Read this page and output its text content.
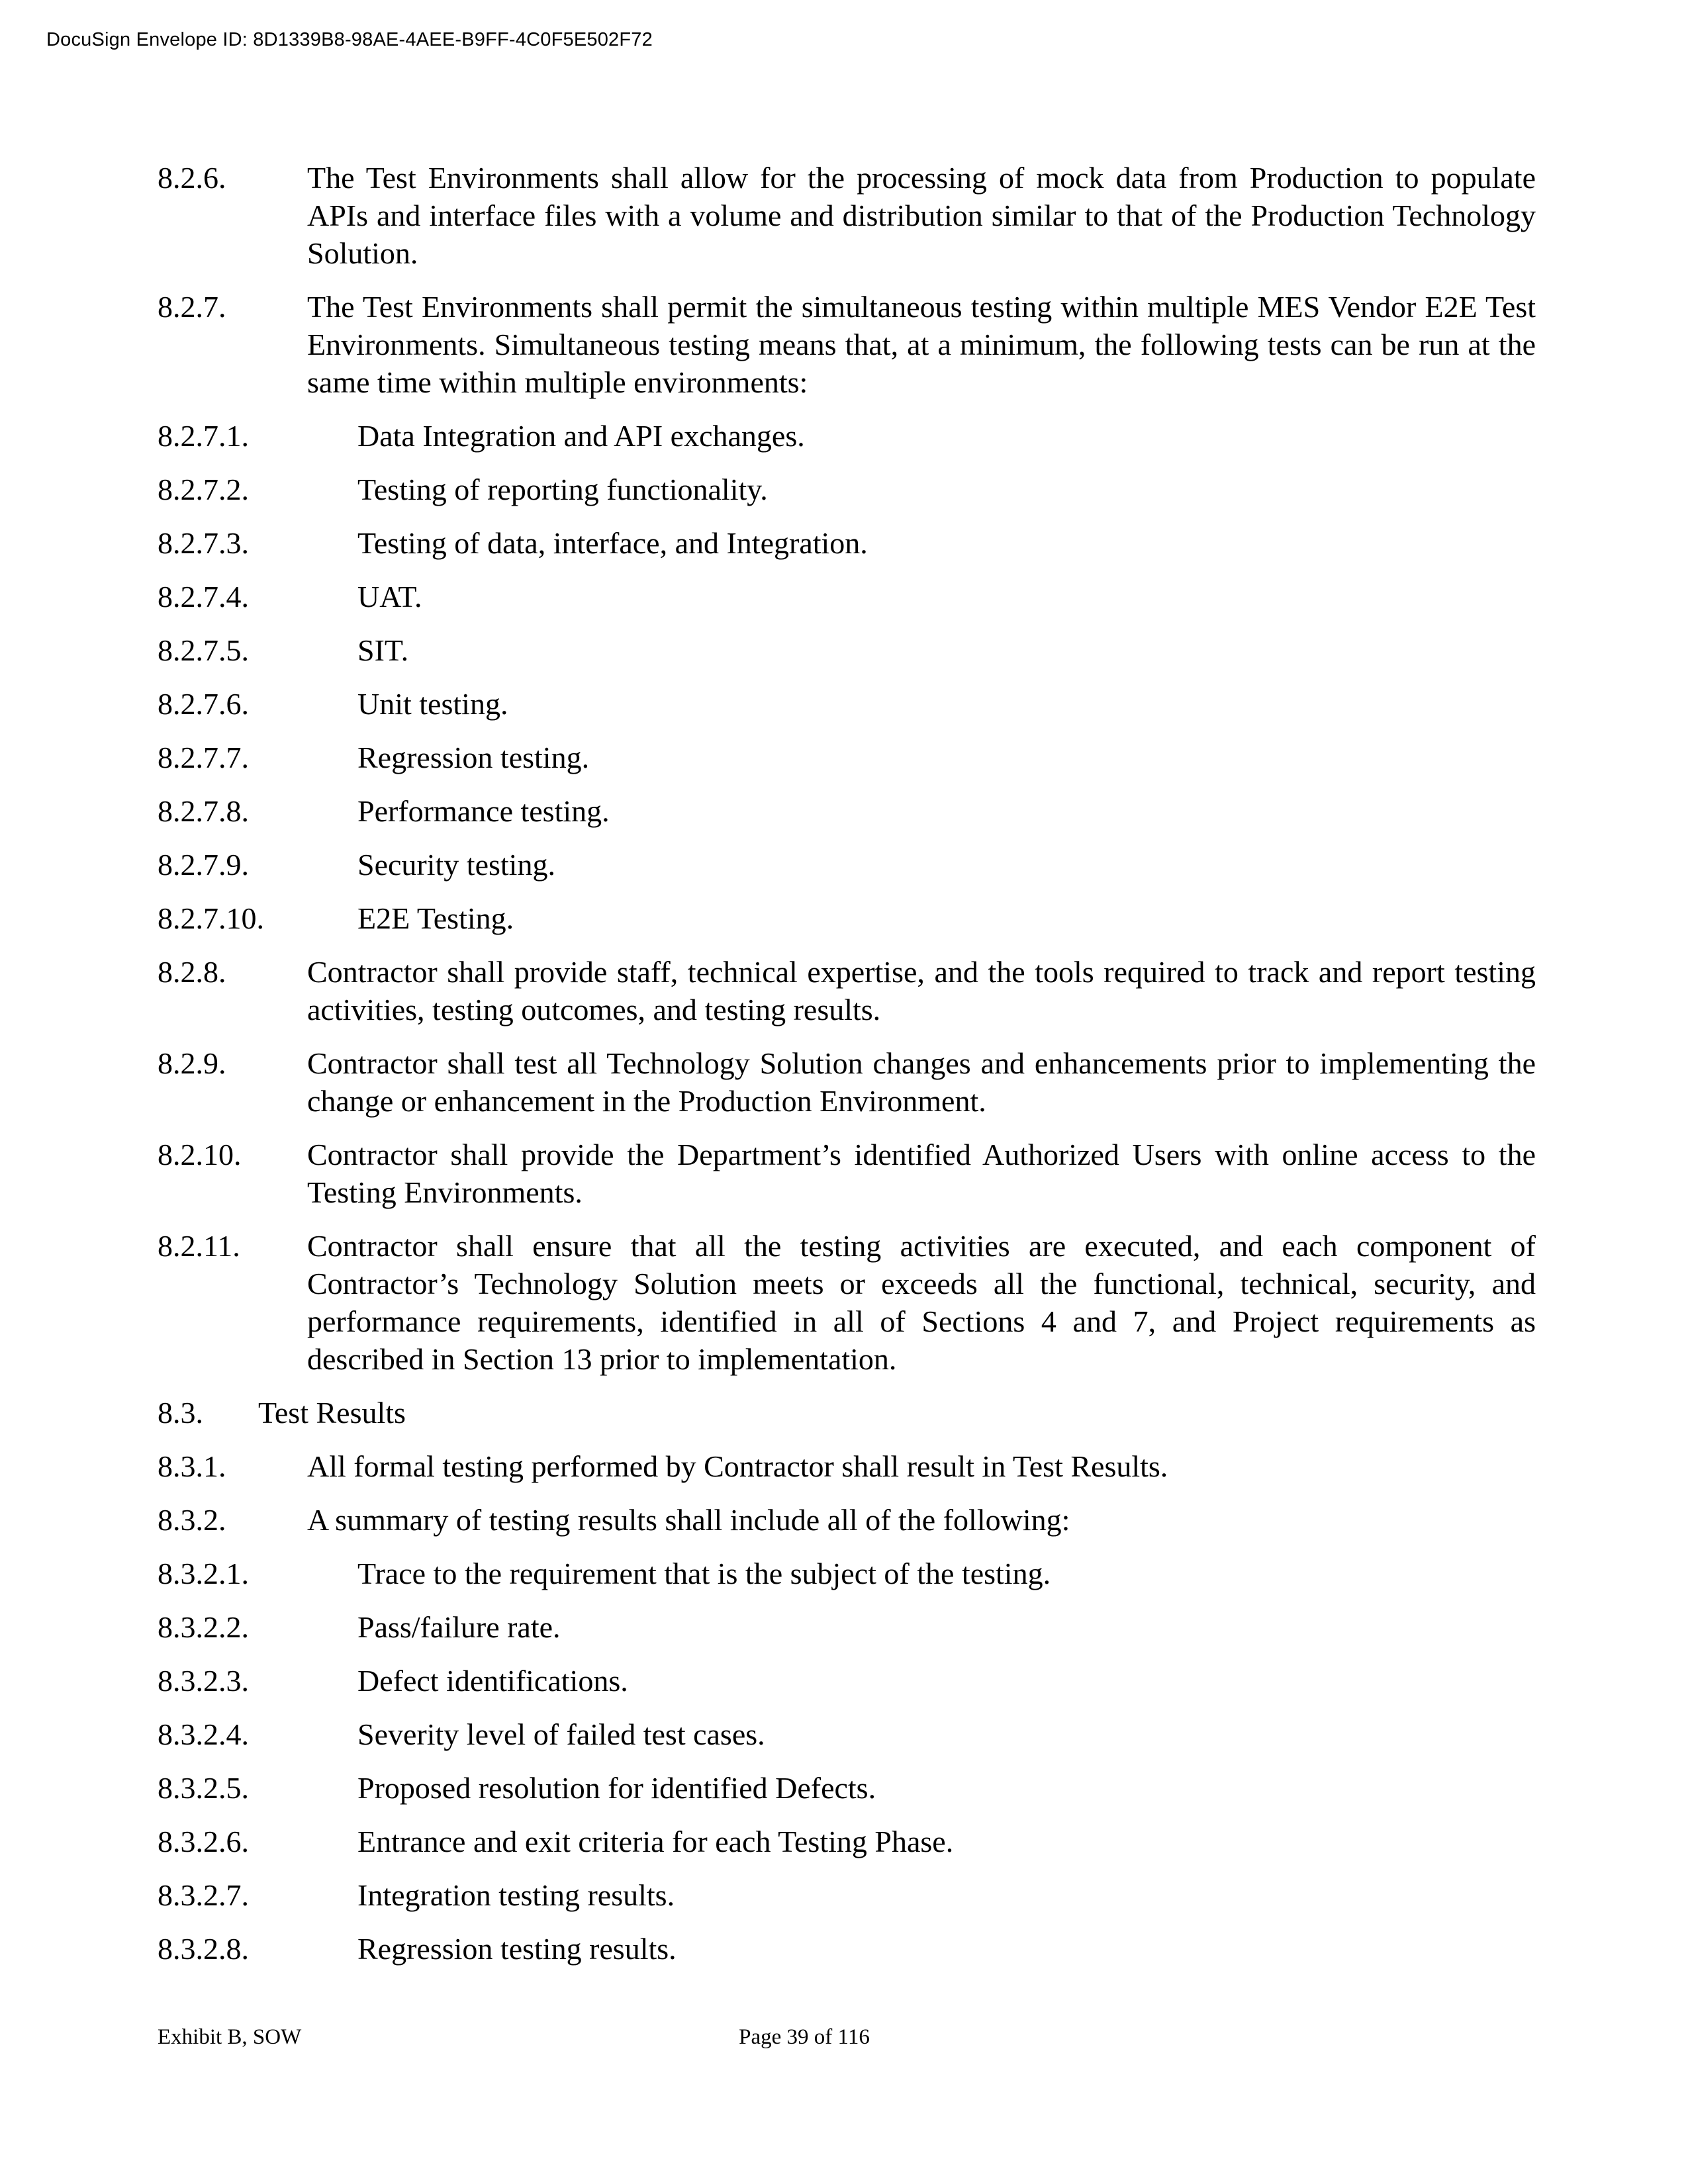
DocuSign Envelope ID: 8D1339B8-98AE-4AEE-B9FF-4C0F5E502F72
8.2.6.	The Test Environments shall allow for the processing of mock data from Production to populate APIs and interface files with a volume and distribution similar to that of the Production Technology Solution.
8.2.7.	The Test Environments shall permit the simultaneous testing within multiple MES Vendor E2E Test Environments. Simultaneous testing means that, at a minimum, the following tests can be run at the same time within multiple environments:
8.2.7.1.	Data Integration and API exchanges.
8.2.7.2.	Testing of reporting functionality.
8.2.7.3.	Testing of data, interface, and Integration.
8.2.7.4.	UAT.
8.2.7.5.	SIT.
8.2.7.6.	Unit testing.
8.2.7.7.	Regression testing.
8.2.7.8.	Performance testing.
8.2.7.9.	Security testing.
8.2.7.10.	E2E Testing.
8.2.8.	Contractor shall provide staff, technical expertise, and the tools required to track and report testing activities, testing outcomes, and testing results.
8.2.9.	Contractor shall test all Technology Solution changes and enhancements prior to implementing the change or enhancement in the Production Environment.
8.2.10. Contractor shall provide the Department’s identified Authorized Users with online access to the Testing Environments.
8.2.11. Contractor shall ensure that all the testing activities are executed, and each component of Contractor’s Technology Solution meets or exceeds all the functional, technical, security, and performance requirements, identified in all of Sections 4 and 7, and Project requirements as described in Section 13 prior to implementation.
8.3. Test Results
8.3.1.	All formal testing performed by Contractor shall result in Test Results.
8.3.2.	A summary of testing results shall include all of the following:
8.3.2.1.	Trace to the requirement that is the subject of the testing.
8.3.2.2.	Pass/failure rate.
8.3.2.3.	Defect identifications.
8.3.2.4.	Severity level of failed test cases.
8.3.2.5.	Proposed resolution for identified Defects.
8.3.2.6.	Entrance and exit criteria for each Testing Phase.
8.3.2.7.	Integration testing results.
8.3.2.8.	Regression testing results.
Exhibit B, SOW	Page 39 of 116
